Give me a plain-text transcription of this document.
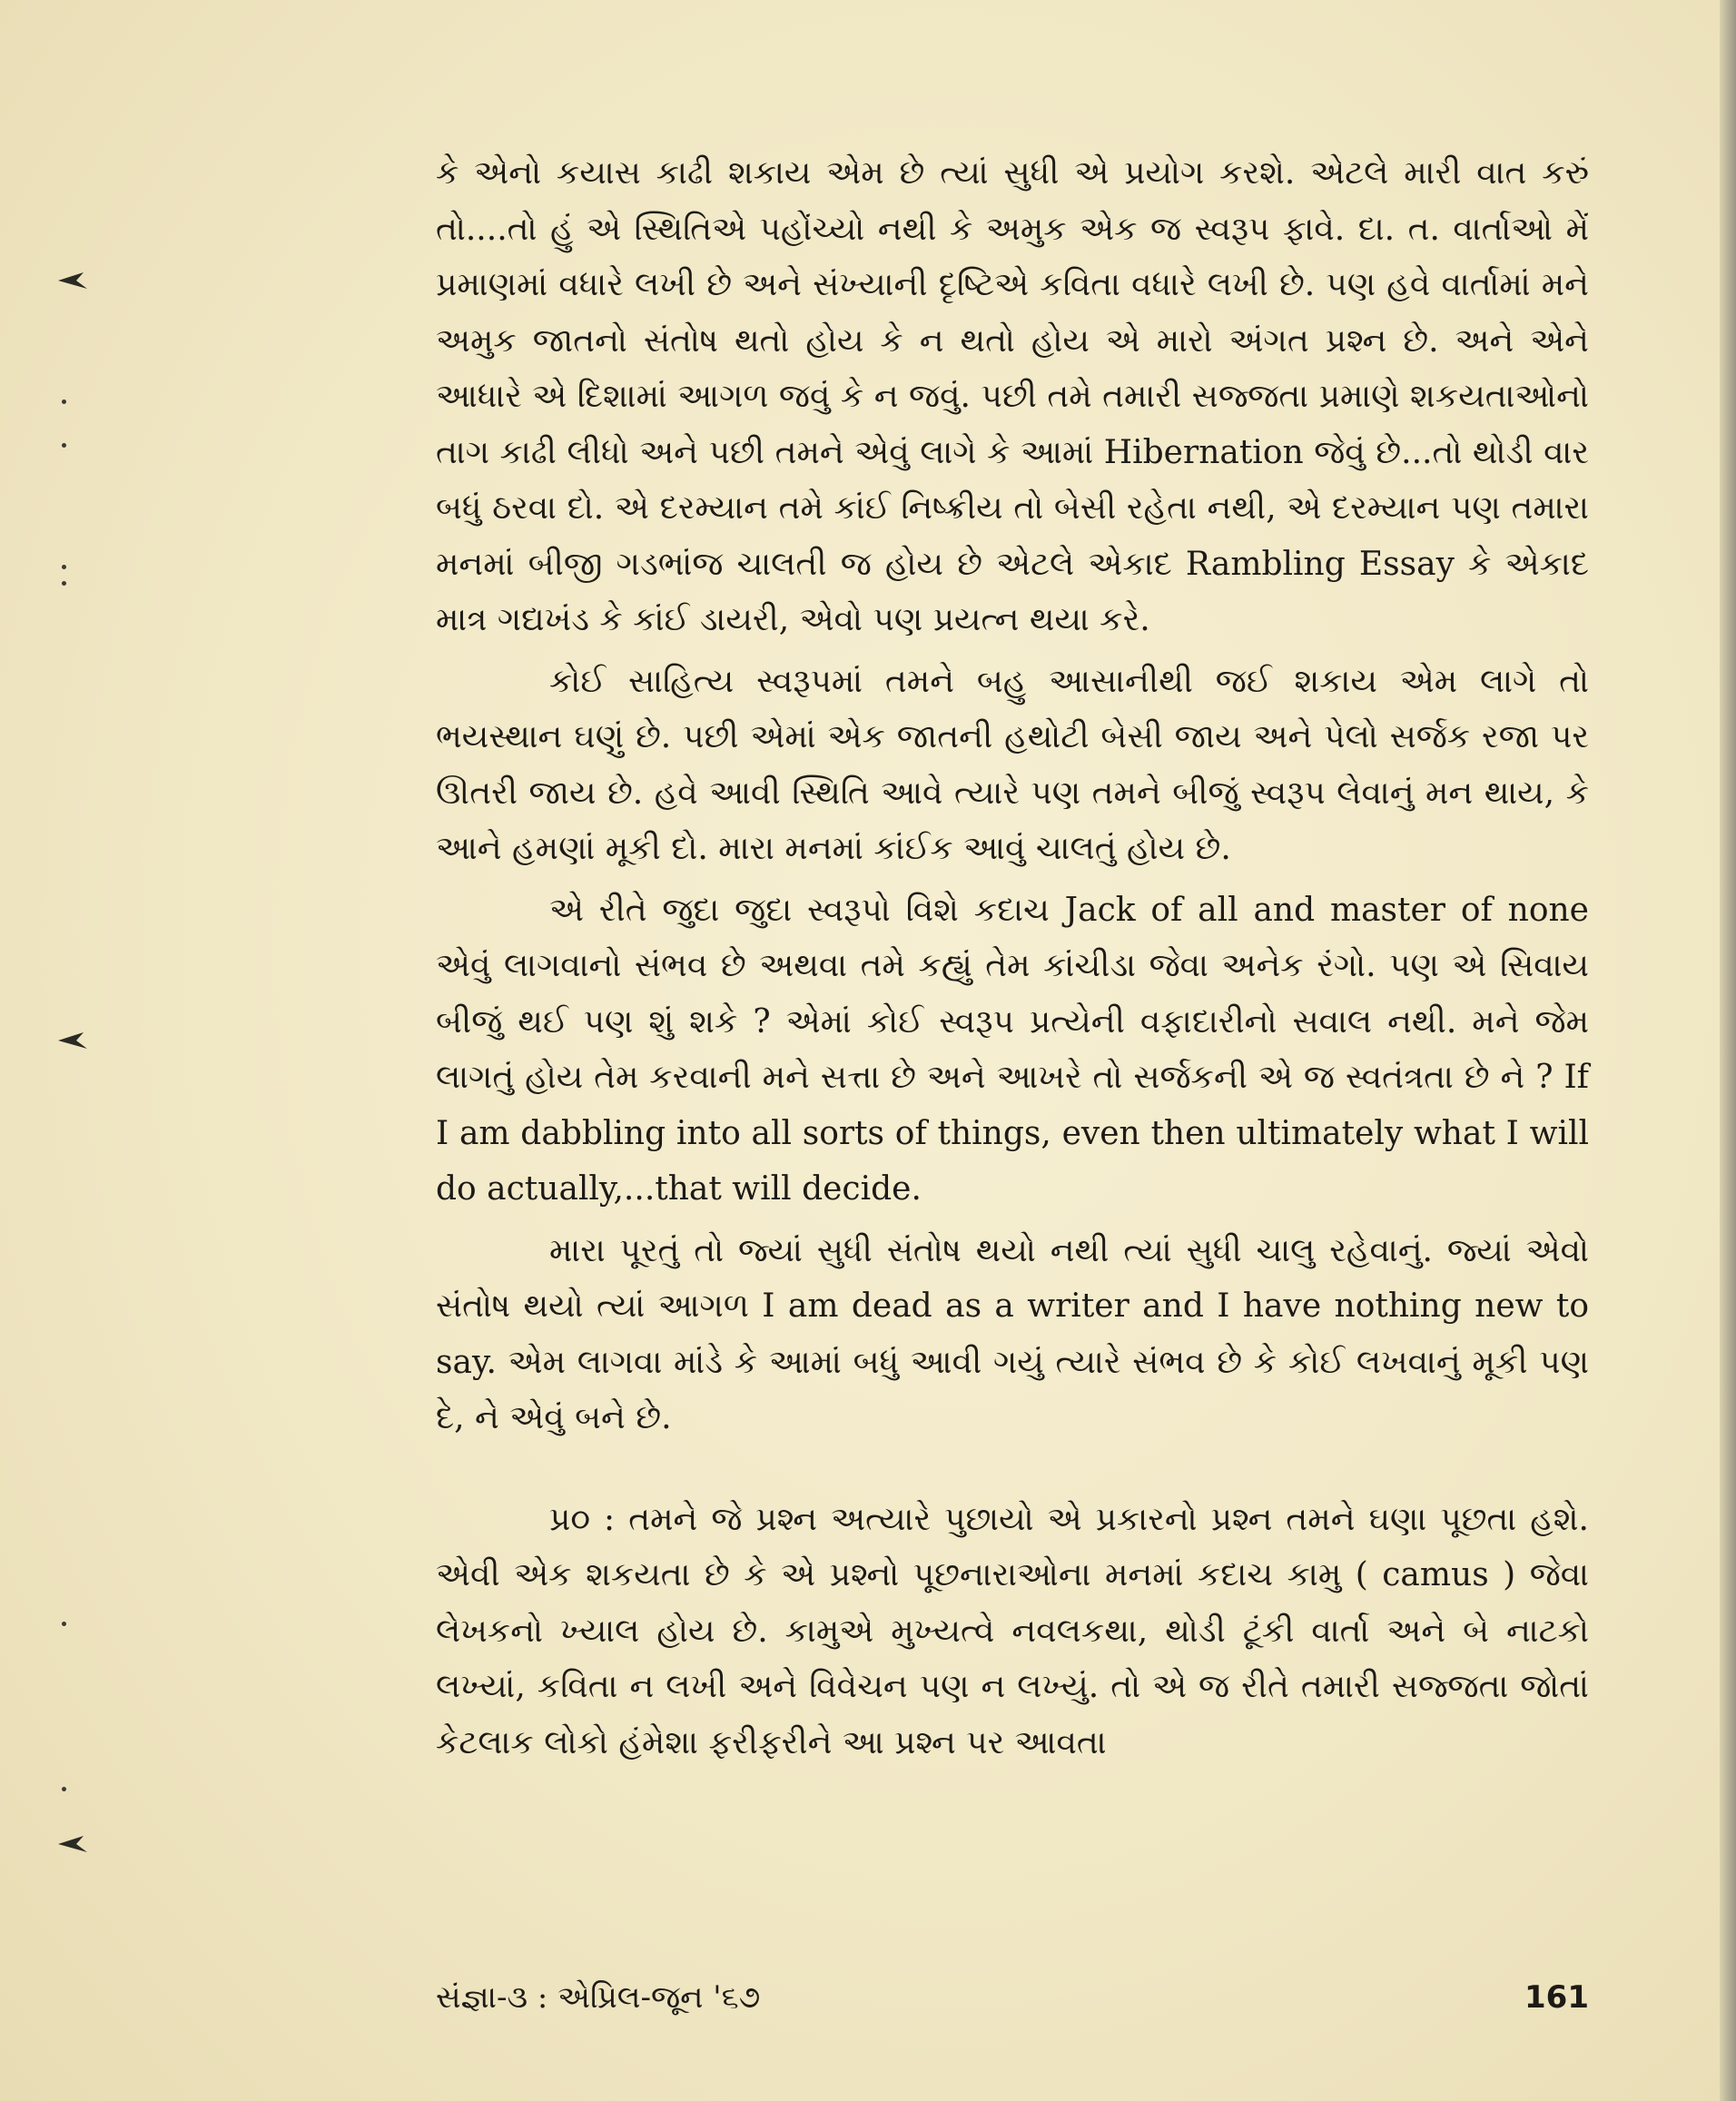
કે એનો કયાસ કાઢી શકાય એમ છે ત્યાં સુધી એ પ્રયોગ કરશે. એટલે મારી વાત કરું તો....તો હું એ સ્થિતિએ પહોંચ્યો નથી કે અમુક એક જ સ્વરૂપ ફાવે. દા. ત. વાર્તાઓ મેં પ્રમાણમાં વધારે લખી છે અને સંખ્યાની દૃષ્ટિએ કવિતા વધારે લખી છે. પણ હવે વાર્તામાં મને અમુક જાતનો સંતોષ થતો હોય કે ન થતો હોય એ મારો અંગત પ્રશ્ન છે. અને એને આધારે એ દિશામાં આગળ જવું કે ન જવું. પછી તમે તમારી સજ્જતા પ્રમાણે શકયતાઓનો તાગ કાઢી લીધો અને પછી તમને એવું લાગે કે આમાં Hibernation જેવું છે...તો થોડી વાર બધું ઠરવા દો. એ દરમ્યાન તમે કાંઈ નિષ્ક્રીય તો બેસી રહેતા નથી, એ દરમ્યાન પણ તમારા મનમાં બીજી ગડભાંજ ચાલતી જ હોય છે એટલે એકાદ Rambling Essay કે એકાદ માત્ર ગદ્યખંડ કે કાંઈ ડાયરી, એવો પણ પ્રયત્ન થયા કરે.

કોઈ સાહિત્ય સ્વરૂપમાં તમને બહુ આસાનીથી જઈ શકાય એમ લાગે તો ભયસ્થાન ઘણું છે. પછી એમાં એક જાતની હથોટી બેસી જાય અને પેલો સર્જક રજા પર ઊતરી જાય છે. હવે આવી સ્થિતિ આવે ત્યારે પણ તમને બીજું સ્વરૂપ લેવાનું મન થાય, કે આને હમણાં મૂકી દો. મારા મનમાં કાંઈક આવું ચાલતું હોય છે.

એ રીતે જુદા જુદા સ્વરૂપો વિશે કદાચ Jack of all and master of none એવું લાગવાનો સંભવ છે અથવા તમે કહ્યું તેમ કાંચીડા જેવા અનેક રંગો. પણ એ સિવાય બીજું થઈ પણ શું શકે ? એમાં કોઈ સ્વરૂપ પ્રત્યેની વફાદારીનો સવાલ નથી. મને જેમ લાગતું હોય તેમ કરવાની મને સત્તા છે અને આખરે તો સર્જકની એ જ સ્વતંત્રતા છે ને ? If I am dabbling into all sorts of things, even then ultimately what I will do actually,...that will decide.

મારા પૂરતું તો જ્યાં સુધી સંતોષ થયો નથી ત્યાં સુધી ચાલુ રહેવાનું. જ્યાં એવો સંતોષ થયો ત્યાં આગળ I am dead as a writer and I have nothing new to say. એમ લાગવા માંડે કે આમાં બધું આવી ગયું ત્યારે સંભવ છે કે કોઈ લખવાનું મૂકી પણ દે, ને એવું બને છે.

પ્ર૦ : તમને જે પ્રશ્ન અત્યારે પુછાયો એ પ્રકારનો પ્રશ્ન તમને ઘણા પૂછતા હશે. એવી એક શકયતા છે કે એ પ્રશ્નો પૂછનારાઓના મનમાં કદાચ કામુ ( camus ) જેવા લેખકનો ખ્યાલ હોય છે. કામુએ મુખ્યત્વે નવલકથા, થોડી ટૂંકી વાર્તા અને બે નાટકો લખ્યાં, કવિતા ન લખી અને વિવેચન પણ ન લખ્યું. તો એ જ રીતે તમારી સજ્જતા જોતાં કેટલાક લોકો હંમેશા ફરીફરીને આ પ્રશ્ન પર આવતા

સંજ્ઞા-૩ : એપ્રિલ-જૂન '૬૭	161
